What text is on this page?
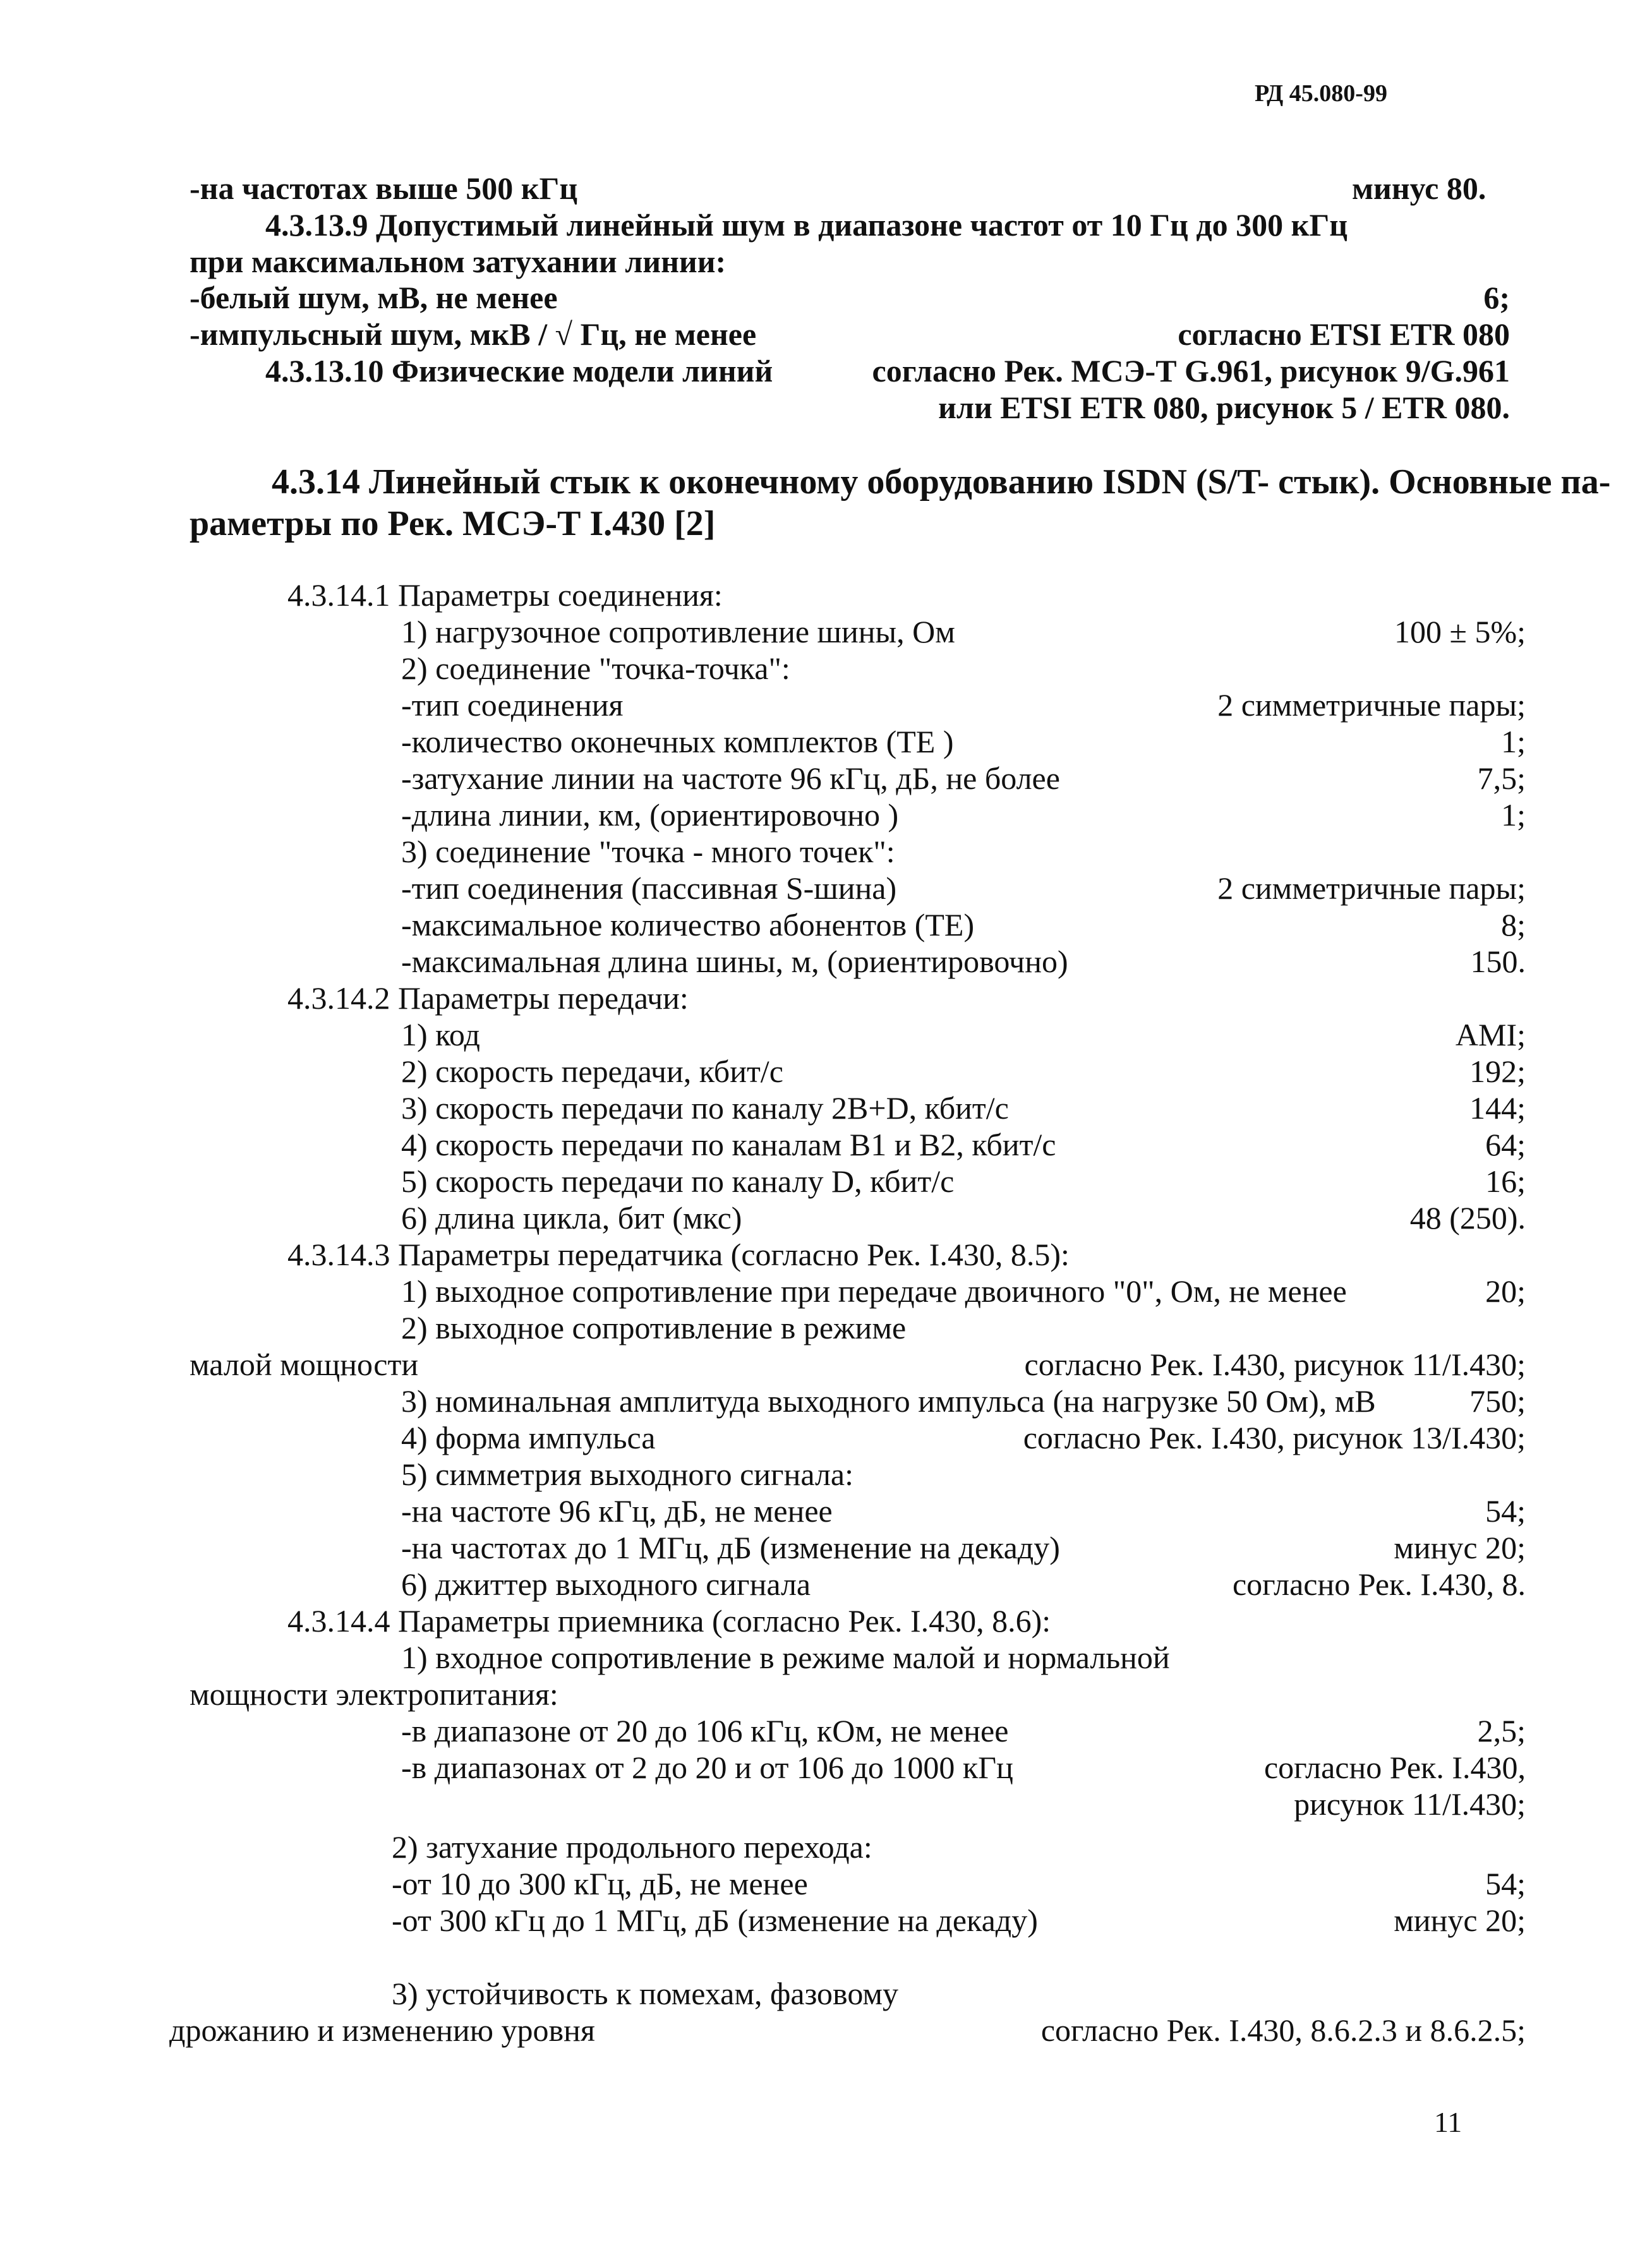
РД 45.080-99
-на частотах выше 500 кГц	минус 80.
4.3.13.9 Допустимый линейный шум в диапазоне частот от 10 Гц до 300 кГц
при максимальном затухании линии:
-белый шум, мВ, не менее	6;
-импульсный шум, мкВ / √ Гц, не менее	согласно ETSI ETR 080
4.3.13.10 Физические модели линий	согласно Рек. МСЭ-Т G.961, рисунок 9/G.961
или ETSI ETR 080, рисунок 5 / ETR 080.
4.3.14 Линейный стык к оконечному оборудованию ISDN (S/T- стык). Основные па-
раметры по Рек. МСЭ-Т I.430 [2]
4.3.14.1 Параметры соединения:
1) нагрузочное сопротивление шины, Ом	100 ± 5%;
2) соединение "точка-точка":
-тип соединения	2 симметричные пары;
-количество оконечных комплектов (ТЕ )	1;
-затухание линии на частоте 96 кГц, дБ, не более	7,5;
-длина линии, км, (ориентировочно )	1;
3) соединение "точка - много точек":
-тип соединения (пассивная S-шина)	2 симметричные пары;
-максимальное количество абонентов (ТЕ)	8;
-максимальная длина шины, м, (ориентировочно)	150.
4.3.14.2 Параметры передачи:
1) код	AMI;
2) скорость передачи, кбит/с	192;
3) скорость передачи по каналу 2B+D, кбит/с	144;
4) скорость передачи по каналам B1 и B2, кбит/с	64;
5) скорость передачи по каналу D, кбит/с	16;
6) длина цикла, бит (мкс)	48 (250).
4.3.14.3 Параметры передатчика (согласно Рек. I.430, 8.5):
1) выходное сопротивление при передаче двоичного "0", Ом, не менее	20;
2) выходное сопротивление в режиме
малой мощности	согласно Рек. I.430, рисунок 11/I.430;
3) номинальная амплитуда выходного импульса (на нагрузке 50 Ом), мВ	750;
4) форма импульса	согласно Рек. I.430, рисунок 13/I.430;
5) симметрия выходного сигнала:
-на частоте 96 кГц, дБ, не менее	54;
-на частотах до 1 МГц, дБ (изменение на декаду)	минус 20;
6) джиттер выходного сигнала	согласно Рек. I.430, 8.
4.3.14.4 Параметры приемника (согласно Рек. I.430, 8.6):
1) входное сопротивление в режиме малой и нормальной
мощности электропитания:
-в диапазоне от 20 до 106 кГц, кОм, не менее	2,5;
-в диапазонах от 2 до 20 и от 106 до 1000 кГц	согласно Рек. I.430,
рисунок 11/I.430;
2) затухание продольного перехода:
-от 10 до 300 кГц, дБ, не менее	54;
-от 300 кГц до 1 МГц, дБ (изменение на декаду)	минус 20;
3) устойчивость к помехам, фазовому
дрожанию и изменению уровня	согласно Рек. I.430, 8.6.2.3 и 8.6.2.5;
11
